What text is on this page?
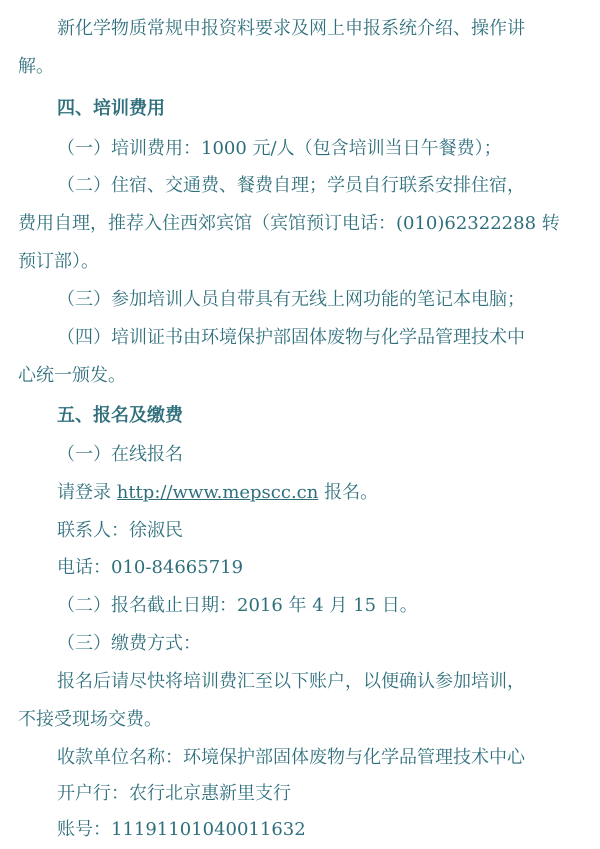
新化学物质常规申报资料要求及网上申报系统介绍、操作讲
解。
四、培训费用
（一）培训费用：1000 元/人（包含培训当日午餐费）；
（二）住宿、交通费、餐费自理；学员自行联系安排住宿，
费用自理，推荐入住西郊宾馆（宾馆预订电话：(010)62322288 转
预订部）。
（三）参加培训人员自带具有无线上网功能的笔记本电脑；
（四）培训证书由环境保护部固体废物与化学品管理技术中
心统一颁发。
五、报名及缴费
（一）在线报名
请登录 http://www.mepscc.cn 报名。
联系人：徐淑民
电话：010-84665719
（二）报名截止日期：2016 年 4 月 15 日。
（三）缴费方式：
报名后请尽快将培训费汇至以下账户，以便确认参加培训，
不接受现场交费。
收款单位名称：环境保护部固体废物与化学品管理技术中心
开户行：农行北京惠新里支行
账号：11191101040011632
